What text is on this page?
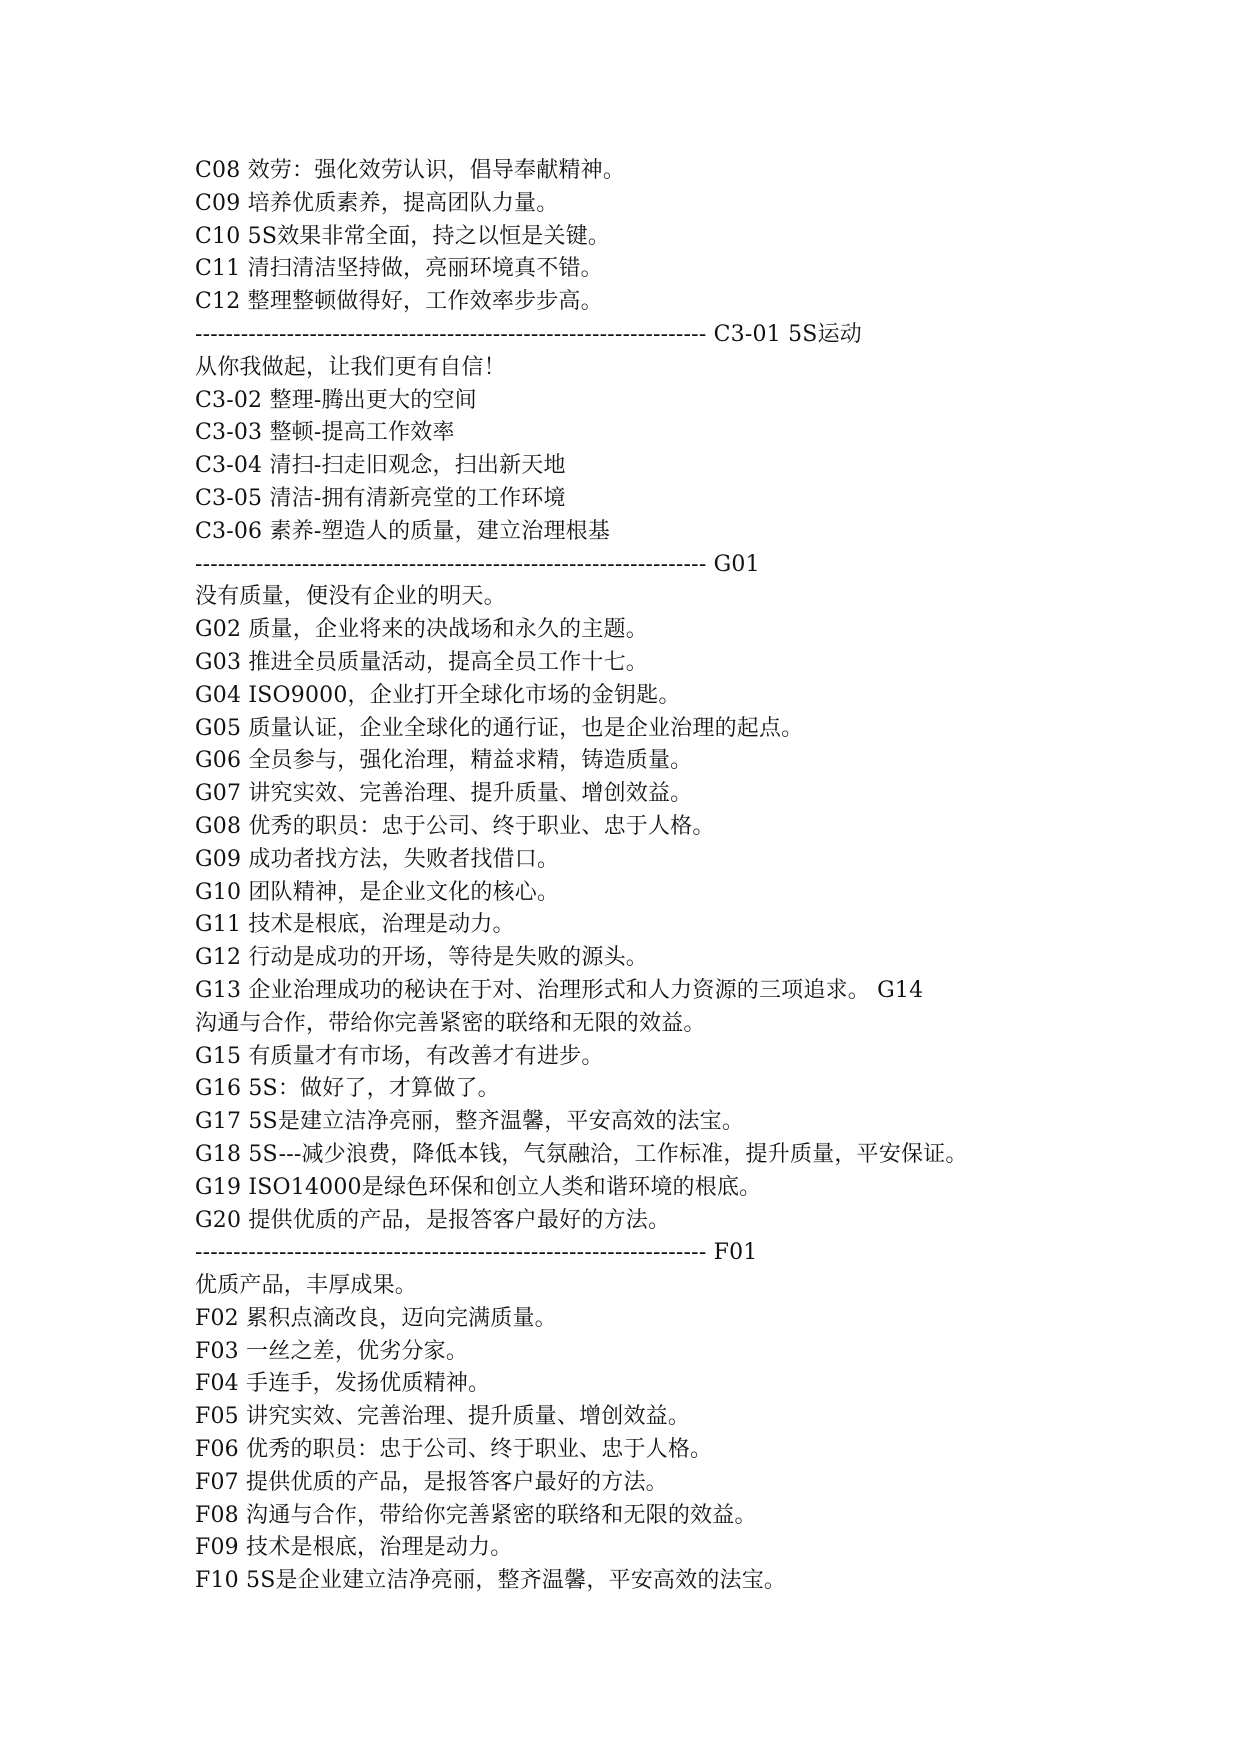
C08 效劳：强化效劳认识，倡导奉献精神。
C09 培养优质素养，提高团队力量。
C10 5S效果非常全面，持之以恒是关键。
C11 清扫清洁坚持做，亮丽环境真不错。
C12 整理整顿做得好，工作效率步步高。
------------------------------------------------------------------- C3-01 5S运动
从你我做起，让我们更有自信！
C3-02 整理-腾出更大的空间
C3-03 整顿-提高工作效率
C3-04 清扫-扫走旧观念，扫出新天地
C3-05 清洁-拥有清新亮堂的工作环境
C3-06 素养-塑造人的质量，建立治理根基
------------------------------------------------------------------- G01
没有质量，便没有企业的明天。
G02 质量，企业将来的决战场和永久的主题。
G03 推进全员质量活动，提高全员工作十七。
G04 ISO9000，企业打开全球化市场的金钥匙。
G05 质量认证，企业全球化的通行证，也是企业治理的起点。
G06 全员参与，强化治理，精益求精，铸造质量。
G07 讲究实效、完善治理、提升质量、增创效益。
G08 优秀的职员：忠于公司、终于职业、忠于人格。
G09 成功者找方法，失败者找借口。
G10 团队精神，是企业文化的核心。
G11 技术是根底，治理是动力。
G12 行动是成功的开场，等待是失败的源头。
G13 企业治理成功的秘诀在于对、治理形式和人力资源的三项追求。 G14
沟通与合作，带给你完善紧密的联络和无限的效益。
G15 有质量才有市场，有改善才有进步。
G16 5S：做好了，才算做了。
G17 5S是建立洁净亮丽，整齐温馨，平安高效的法宝。
G18 5S---减少浪费，降低本钱，气氛融洽，工作标准，提升质量，平安保证。
G19 ISO14000是绿色环保和创立人类和谐环境的根底。
G20 提供优质的产品，是报答客户最好的方法。
------------------------------------------------------------------- F01
优质产品，丰厚成果。
F02 累积点滴改良，迈向完满质量。
F03 一丝之差，优劣分家。
F04 手连手，发扬优质精神。
F05 讲究实效、完善治理、提升质量、增创效益。
F06 优秀的职员：忠于公司、终于职业、忠于人格。
F07 提供优质的产品，是报答客户最好的方法。
F08 沟通与合作，带给你完善紧密的联络和无限的效益。
F09 技术是根底，治理是动力。
F10 5S是企业建立洁净亮丽，整齐温馨，平安高效的法宝。
